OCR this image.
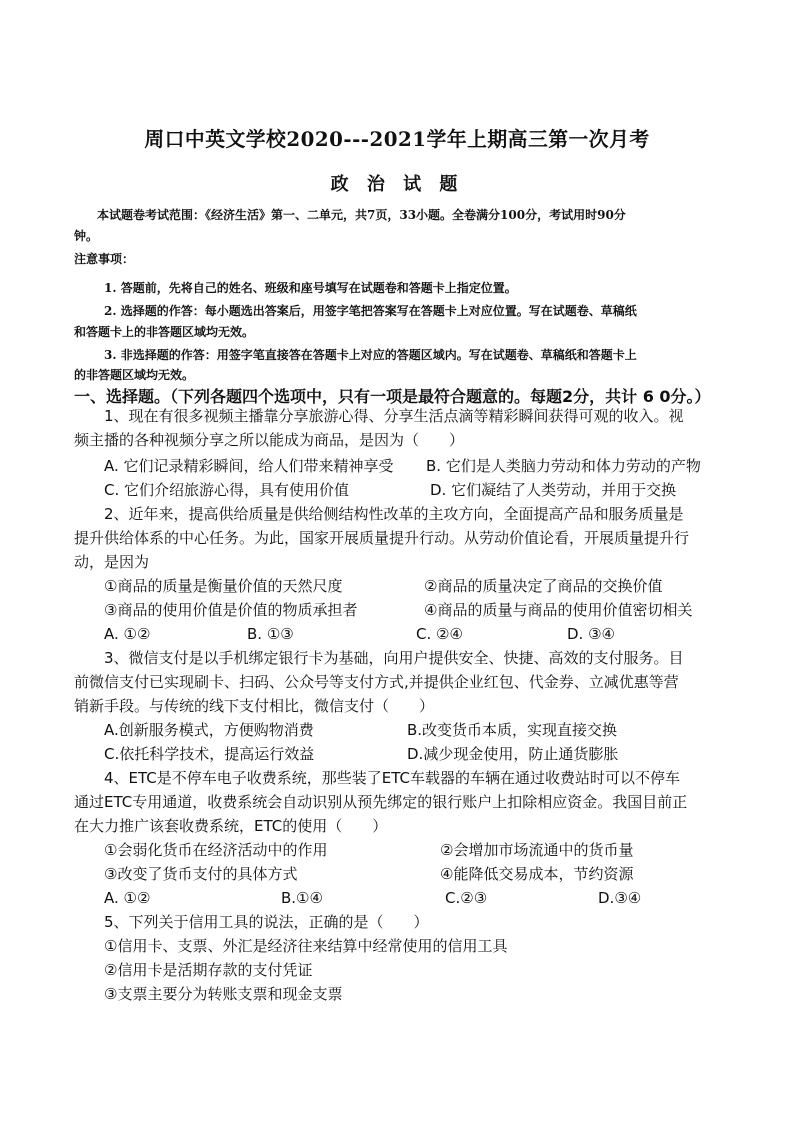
周口中英文学校2020---2021学年上期高三第一次月考
政 治 试 题
本试题卷考试范围：《经济生活》第一、二单元，共7页，33小题。全卷满分100分，考试用时90分
钟。
注意事项：
1. 答题前，先将自己的姓名、班级和座号填写在试题卷和答题卡上指定位置。
2. 选择题的作答：每小题选出答案后，用签字笔把答案写在答题卡上对应位置。写在试题卷、草稿纸
和答题卡上的非答题区域均无效。
3. 非选择题的作答：用签字笔直接答在答题卡上对应的答题区域内。写在试题卷、草稿纸和答题卡上
的非答题区域均无效。
一、选择题。（下列各题四个选项中，只有一项是最符合题意的。每题2分，共计 6 0分。）
1、现在有很多视频主播靠分享旅游心得、分享生活点滴等精彩瞬间获得可观的收入。视
频主播的各种视频分享之所以能成为商品，是因为（　　）
A. 它们记录精彩瞬间，给人们带来精神享受 B. 它们是人类脑力劳动和体力劳动的产物
C. 它们介绍旅游心得，具有使用价值	D. 它们凝结了人类劳动，并用于交换
2、近年来，提高供给质量是供给侧结构性改革的主攻方向，全面提高产品和服务质量是
提升供给体系的中心任务。为此，国家开展质量提升行动。从劳动价值论看，开展质量提升行
动，是因为
①商品的质量是衡量价值的天然尺度	②商品的质量决定了商品的交换价值
③商品的使用价值是价值的物质承担者	④商品的质量与商品的使用价值密切相关
A. ①②	B. ①③	C. ②④	D. ③④
3、微信支付是以手机绑定银行卡为基础，向用户提供安全、快捷、高效的支付服务。目
前微信支付已实现刷卡、扫码、公众号等支付方式,并提供企业红包、代金券、立减优惠等营
销新手段。与传统的线下支付相比，微信支付（　　）
A.创新服务模式，方便购物消费	B.改变货币本质，实现直接交换
C.依托科学技术，提高运行效益	D.减少现金使用，防止通货膨胀
4、ETC是不停车电子收费系统，那些装了ETC车载器的车辆在通过收费站时可以不停车
通过ETC专用通道，收费系统会自动识别从预先绑定的银行账户上扣除相应资金。我国目前正
在大力推广该套收费系统，ETC的使用（　　）
①会弱化货币在经济活动中的作用	②会增加市场流通中的货币量
③改变了货币支付的具体方式	④能降低交易成本，节约资源
A. ①②	B.①④	C.②③	D.③④
5、下列关于信用工具的说法，正确的是（　　）
①信用卡、支票、外汇是经济往来结算中经常使用的信用工具
②信用卡是活期存款的支付凭证
③支票主要分为转账支票和现金支票
